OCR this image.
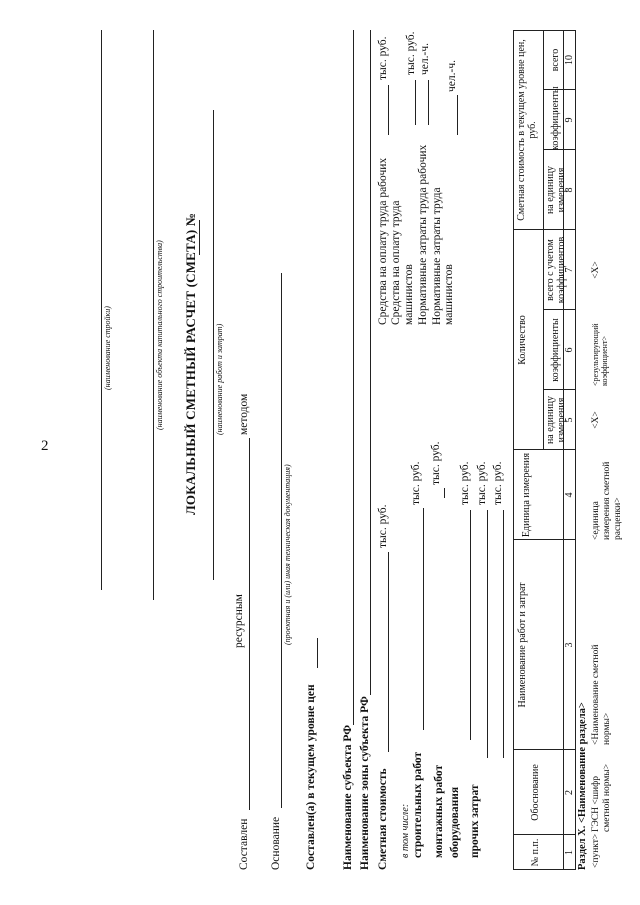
2
(наименование стройки)	(наименование объекта капитального строительства) ЛОКАЛЬНЫЙ СМЕТНЫЙ РАСЧЕТ (СМЕТА) № (наименование работ и затрат)
Составлен
ресурсным
методом
Основание
(проектная и (или) иная техническая документация)
Составлен(а) в текущем уровне цен Наименование субъекта РФ Наименование зоны субъекта РФ Сметная стоимость
тыс. руб.
в том числе: строительных работ
тыс. руб.
монтажных работ
тыс. руб.
оборудования прочих затрат
тыс. руб. тыс. руб. тыс. руб.
Средства на оплату труда рабочих
тыс. руб.
Средства на оплату труда машинистов
тыс. руб.
Нормативные затраты труда рабочих
чел.-ч.
Нормативные затраты труда машинистов
чел.-ч.
№ п.п.
Обоснование
Наименование работ и затрат
Единица измерения
Количество
на единицу измерения
коэффициенты
всего с учетом коэффициентов
Сметная стоимость в текущем уровне цен, руб.
на единицу измерения
коэффициенты
всего
1
2
3
4
5
6
7
8
9
10
Раздел X. <Наименование раздела> <пункт>
ГЭСН <шифр сметной нормы>
<Наименование сметной нормы>
<единица измерения сметной расценки>
<X>
<результирующий коэффициент>
<X>
